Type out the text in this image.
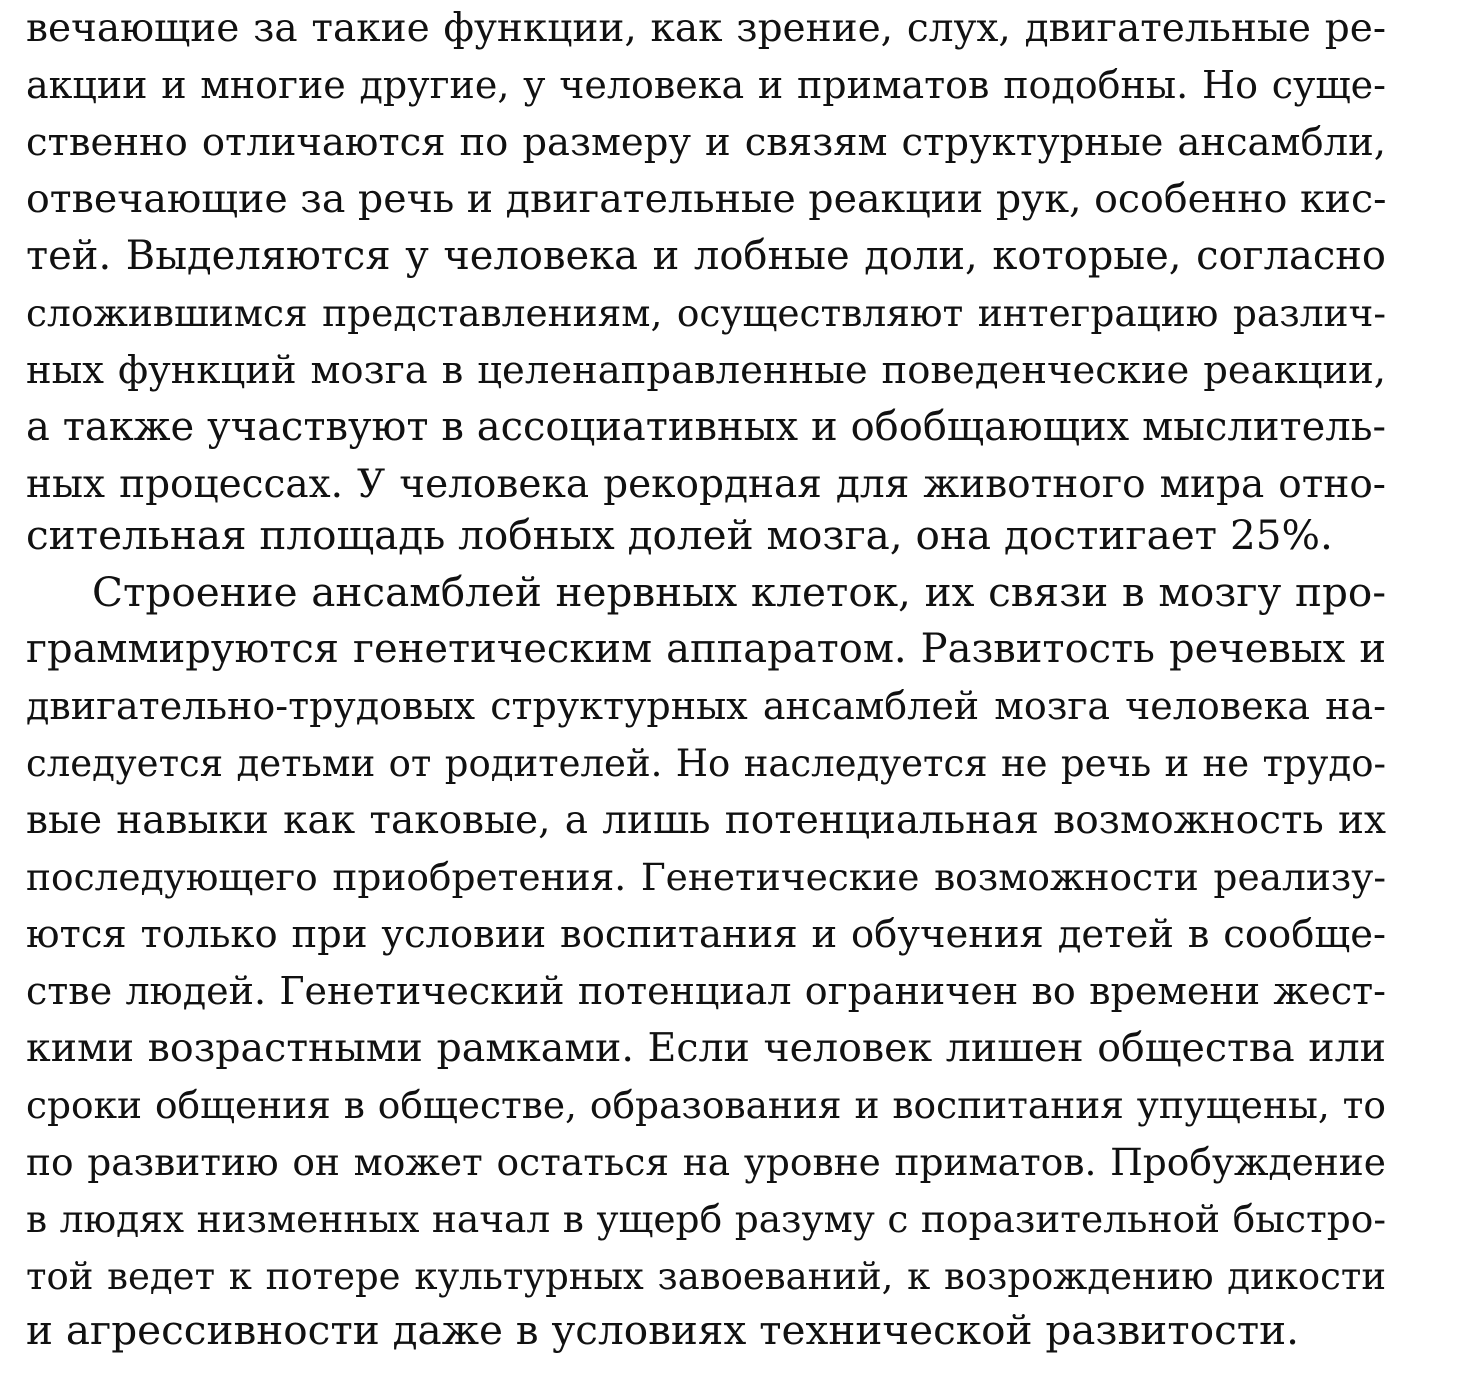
вечающие за такие функции, как зрение, слух, двигательные ре-
акции и многие другие, у человека и приматов подобны. Но суще-
ственно отличаются по размеру и связям структурные ансамбли,
отвечающие за речь и двигательные реакции рук, особенно кис-
тей. Выделяются у человека и лобные доли, которые, согласно
сложившимся представлениям, осуществляют интеграцию различ-
ных функций мозга в целенаправленные поведенческие реакции,
а также участвуют в ассоциативных и обобщающих мыслитель-
ных процессах. У человека рекордная для животного мира отно-
сительная площадь лобных долей мозга, она достигает 25%.
Строение ансамблей нервных клеток, их связи в мозгу про-
граммируются генетическим аппаратом. Развитость речевых и
двигательно-трудовых структурных ансамблей мозга человека на-
следуется детьми от родителей. Но наследуется не речь и не трудо-
вые навыки как таковые, а лишь потенциальная возможность их
последующего приобретения. Генетические возможности реализу-
ются только при условии воспитания и обучения детей в сообще-
стве людей. Генетический потенциал ограничен во времени жест-
кими возрастными рамками. Если человек лишен общества или
сроки общения в обществе, образования и воспитания упущены, то
по развитию он может остаться на уровне приматов. Пробуждение
в людях низменных начал в ущерб разуму с поразительной быстро-
той ведет к потере культурных завоеваний, к возрождению дикости
и агрессивности даже в условиях технической развитости.
